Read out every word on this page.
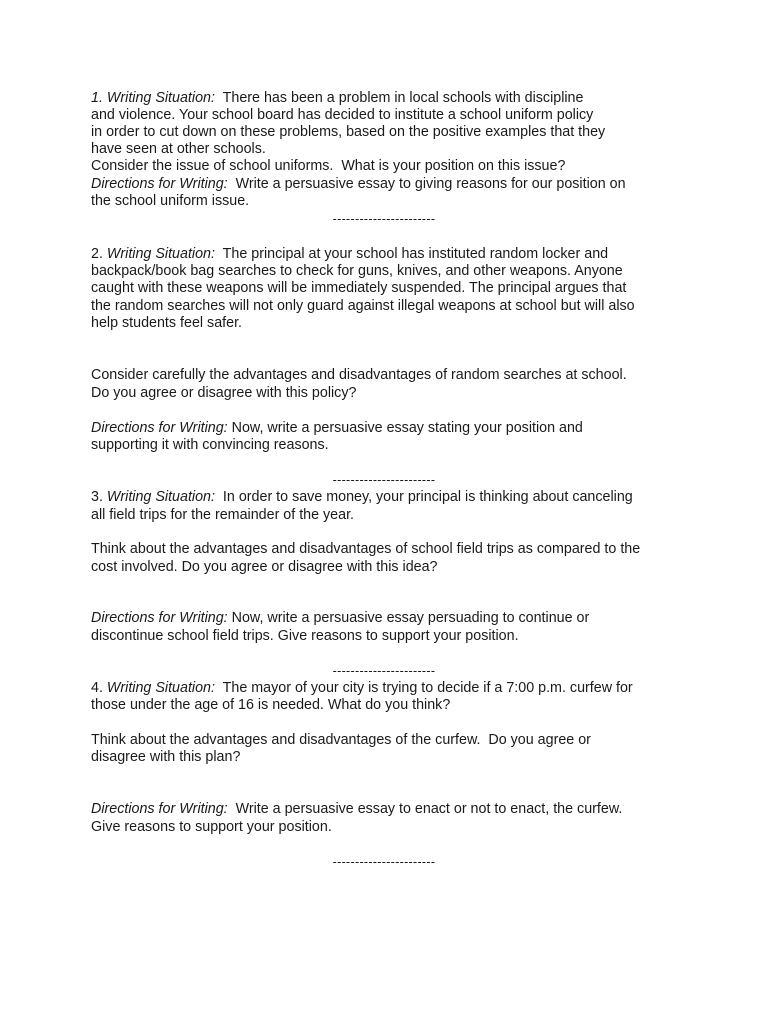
1. Writing Situation:  There has been a problem in local schools with discipline

and violence. Your school board has decided to institute a school uniform policy

in order to cut down on these problems, based on the positive examples that they

have seen at other schools.

Consider the issue of school uniforms.  What is your position on this issue?

Directions for Writing:  Write a persuasive essay to giving reasons for our position on

the school uniform issue.

-----------------------

2. Writing Situation:  The principal at your school has instituted random locker and

backpack/book bag searches to check for guns, knives, and other weapons. Anyone

caught with these weapons will be immediately suspended. The principal argues that

the random searches will not only guard against illegal weapons at school but will also

help students feel safer.

Consider carefully the advantages and disadvantages of random searches at school.

Do you agree or disagree with this policy?

Directions for Writing: Now, write a persuasive essay stating your position and

supporting it with convincing reasons.

-----------------------

3. Writing Situation:  In order to save money, your principal is thinking about canceling

all field trips for the remainder of the year.

Think about the advantages and disadvantages of school field trips as compared to the

cost involved. Do you agree or disagree with this idea?

Directions for Writing: Now, write a persuasive essay persuading to continue or

discontinue school field trips. Give reasons to support your position.

-----------------------

4. Writing Situation:  The mayor of your city is trying to decide if a 7:00 p.m. curfew for

those under the age of 16 is needed. What do you think?

Think about the advantages and disadvantages of the curfew.  Do you agree or

disagree with this plan?

Directions for Writing:  Write a persuasive essay to enact or not to enact, the curfew.

Give reasons to support your position.

-----------------------
